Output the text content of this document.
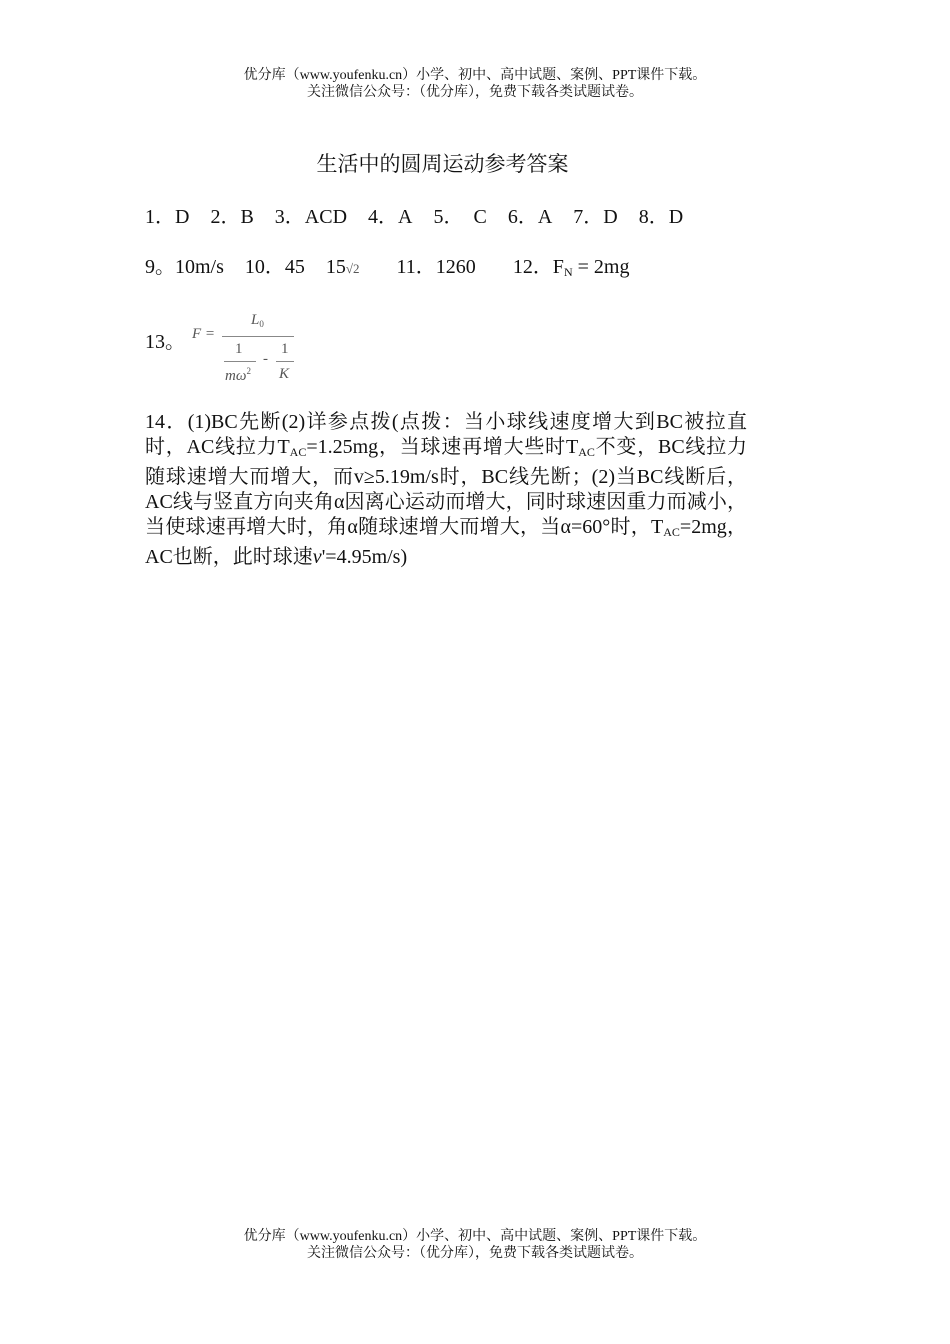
优分库（www.youfenku.cn）小学、初中、高中试题、案例、PPT课件下载。
关注微信公众号：（优分库），免费下载各类试题试卷。
生活中的圆周运动参考答案
1．D 2．B 3．ACD 4．A 5．　C 6．A 7．D 8．D
9。10m/s 10．45 15√2 11．1260 12．$F_N = 2mg$
13。 F =
$L_0$
1
$m\omega^2$
-
1
K
14．(1)BC先断(2)详参点拨(点拨：当小球线速度增大到BC被拉直时，AC线拉力$T_{AC}=1.25mg$，当球速再增大些时$T_{AC}$不变，BC线拉力随球速增大而增大，而v≥5.19m/s时，BC线先断；(2)当BC线断后，AC线与竖直方向夹角α因离心运动而增大，同时球速因重力而减小，当使球速再增大时，角α随球速增大而增大，当α=60°时，$T_{AC}=2mg$，AC也断，此时球速v'=4.95m/s)
优分库（www.youfenku.cn）小学、初中、高中试题、案例、PPT课件下载。
关注微信公众号：（优分库），免费下载各类试题试卷。
